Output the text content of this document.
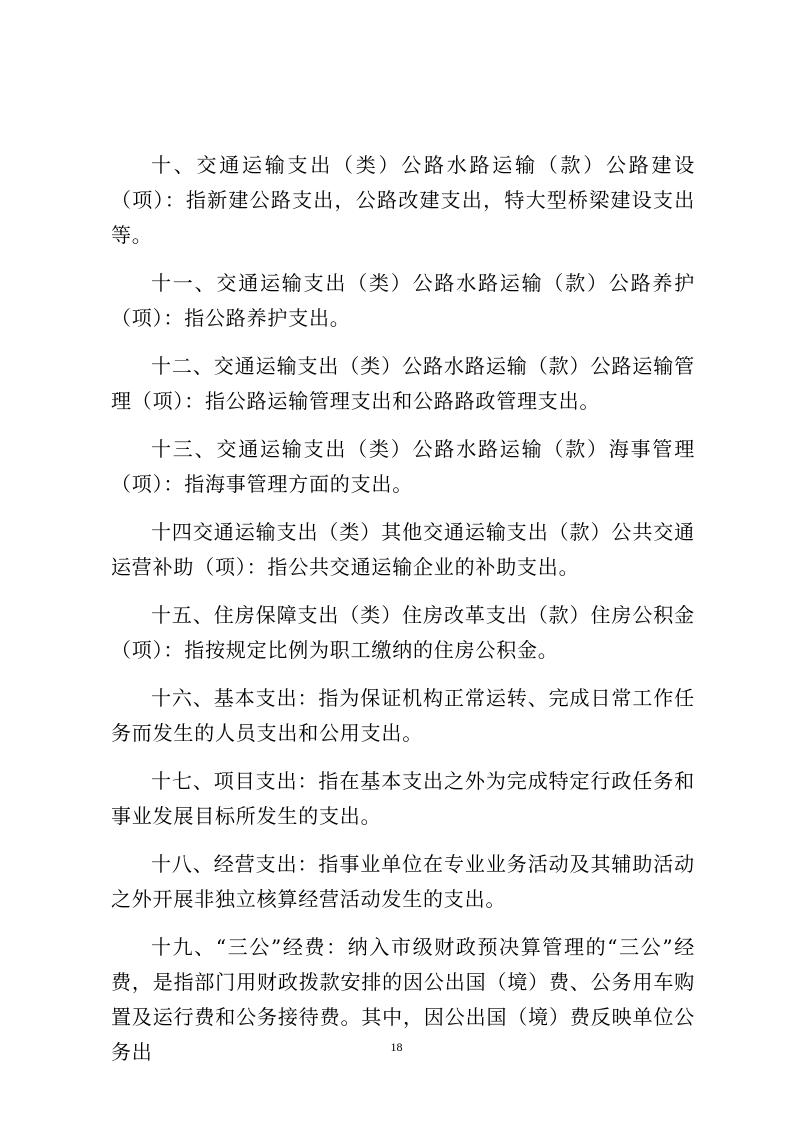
十、交通运输支出（类）公路水路运输（款）公路建设（项）：指新建公路支出，公路改建支出，特大型桥梁建设支出等。

十一、交通运输支出（类）公路水路运输（款）公路养护（项）：指公路养护支出。

十二、交通运输支出（类）公路水路运输（款）公路运输管理（项）：指公路运输管理支出和公路路政管理支出。

十三、交通运输支出（类）公路水路运输（款）海事管理（项）：指海事管理方面的支出。

十四交通运输支出（类）其他交通运输支出（款）公共交通运营补助（项）：指公共交通运输企业的补助支出。

十五、住房保障支出（类）住房改革支出（款）住房公积金（项）：指按规定比例为职工缴纳的住房公积金。

十六、基本支出：指为保证机构正常运转、完成日常工作任务而发生的人员支出和公用支出。

十七、项目支出：指在基本支出之外为完成特定行政任务和事业发展目标所发生的支出。

十八、经营支出：指事业单位在专业业务活动及其辅助活动之外开展非独立核算经营活动发生的支出。

十九、“三公”经费：纳入市级财政预决算管理的“三公”经费，是指部门用财政拨款安排的因公出国（境）费、公务用车购置及运行费和公务接待费。其中，因公出国（境）费反映单位公务出	18
